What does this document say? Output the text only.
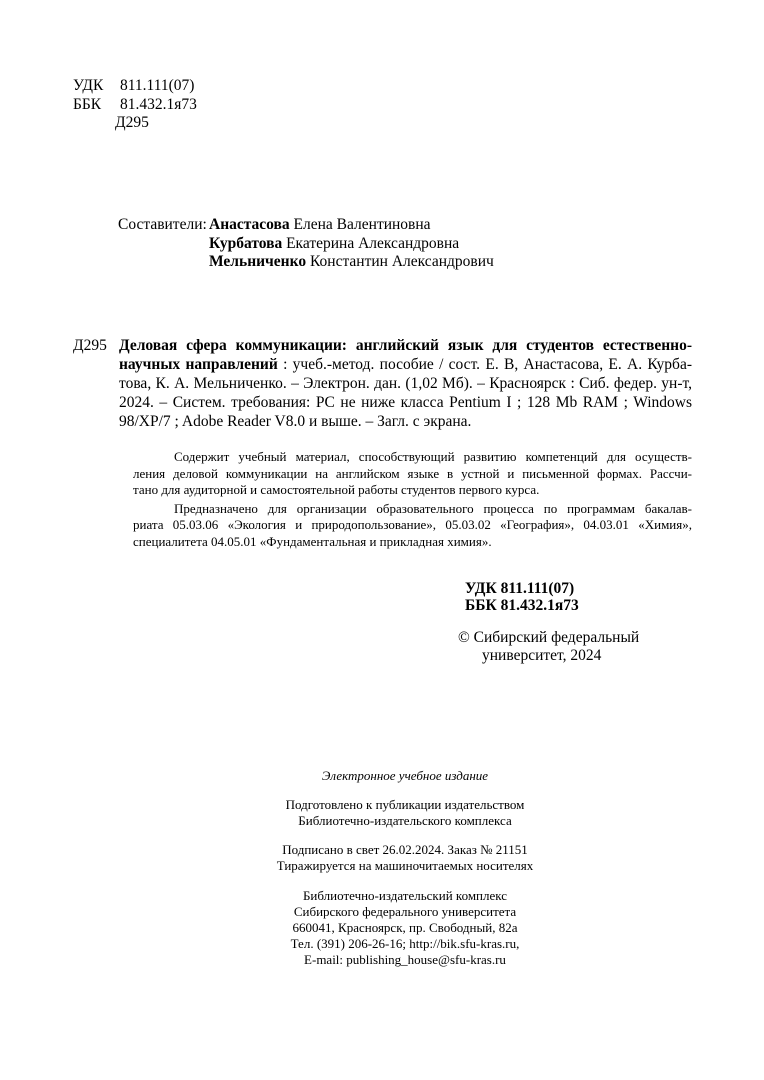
УДК 811.111(07)
ББК 81.432.1я73
Д295
Составители: Анастасова Елена Валентиновна
Курбатова Екатерина Александровна
Мельниченко Константин Александрович
Д295 Деловая сфера коммуникации: английский язык для студентов естественно-
научных направлений : учеб.-метод. пособие / сост. Е. В, Анастасова, Е. А. Курба-
това, К. А. Мельниченко. – Электрон. дан. (1,02 Мб). – Красноярск : Сиб. федер. ун-т,
2024. – Систем. требования: PC не ниже класса Pentium I ; 128 Mb RAM ; Windows
98/XP/7 ; Adobe Reader V8.0 и выше. – Загл. с экрана.
Содержит учебный материал, способствующий развитию компетенций для осуществ-
ления деловой коммуникации на английском языке в устной и письменной формах. Рассчи-
тано для аудиторной и самостоятельной работы студентов первого курса.
Предназначено для организации образовательного процесса по программам бакалав-
риата 05.03.06 «Экология и природопользование», 05.03.02 «География», 04.03.01 «Химия»,
специалитета 04.05.01 «Фундаментальная и прикладная химия».
УДК 811.111(07)
ББК 81.432.1я73
© Сибирский федеральный
университет, 2024
Электронное учебное издание
Подготовлено к публикации издательством
Библиотечно-издательского комплекса
Подписано в свет 26.02.2024. Заказ № 21151
Тиражируется на машиночитаемых носителях
Библиотечно-издательский комплекс
Сибирского федерального университета
660041, Красноярск, пр. Свободный, 82а
Тел. (391) 206-26-16; http://bik.sfu-kras.ru,
E-mail: publishing_house@sfu-kras.ru
